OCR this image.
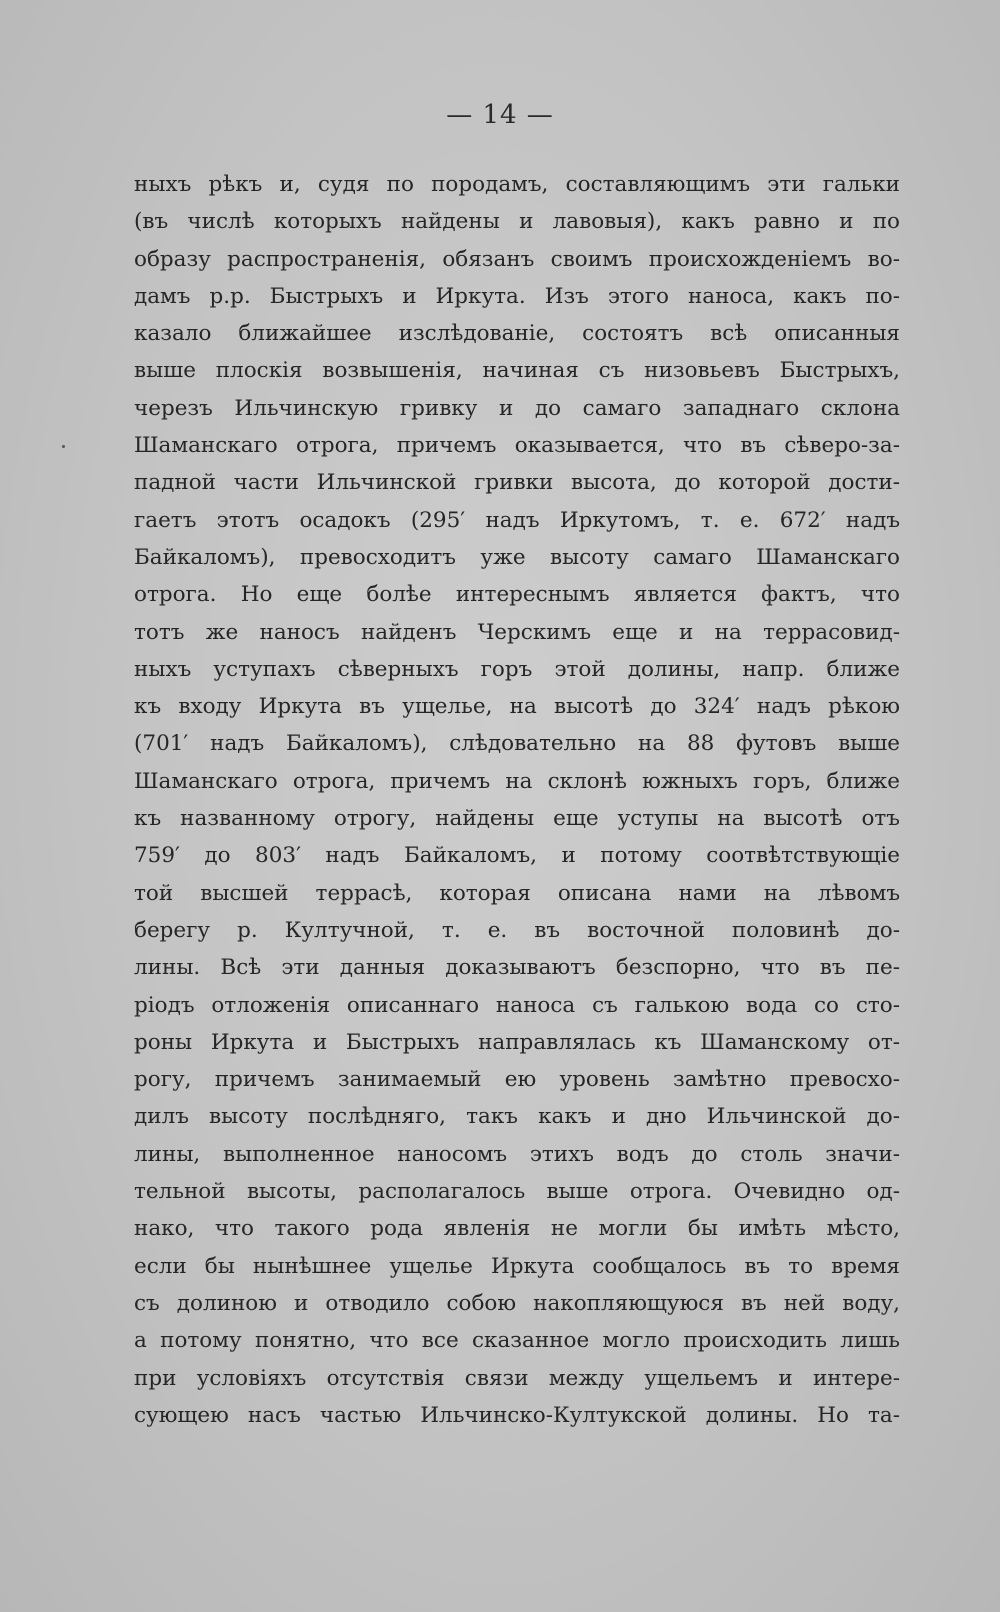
— 14 —
ныхъ рѣкъ и, судя по породамъ, составляющимъ эти гальки
(въ числѣ которыхъ найдены и лавовыя), какъ равно и по
образу распространенія, обязанъ своимъ происхожденіемъ во-
дамъ р.р. Быстрыхъ и Иркута. Изъ этого наноса, какъ по-
казало ближайшее изслѣдованіе, состоятъ всѣ описанныя
выше плоскія возвышенія, начиная съ низовьевъ Быстрыхъ,
черезъ Ильчинскую гривку и до самаго западнаго склона
Шаманскаго отрога, причемъ оказывается, что въ сѣверо-за-
падной части Ильчинской гривки высота, до которой дости-
гаетъ этотъ осадокъ (295′ надъ Иркутомъ, т. е. 672′ надъ
Байкаломъ), превосходитъ уже высоту самаго Шаманскаго
отрога. Но еще болѣе интереснымъ является фактъ, что
тотъ же наносъ найденъ Черскимъ еще и на террасовид-
ныхъ уступахъ сѣверныхъ горъ этой долины, напр. ближе
къ входу Иркута въ ущелье, на высотѣ до 324′ надъ рѣкою
(701′ надъ Байкаломъ), слѣдовательно на 88 футовъ выше
Шаманскаго отрога, причемъ на склонѣ южныхъ горъ, ближе
къ названному отрогу, найдены еще уступы на высотѣ отъ
759′ до 803′ надъ Байкаломъ, и потому соотвѣтствующіе
той высшей террасѣ, которая описана нами на лѣвомъ
берегу р. Култучной, т. е. въ восточной половинѣ до-
лины. Всѣ эти данныя доказываютъ безспорно, что въ пе-
ріодъ отложенія описаннаго наноса съ галькою вода со сто-
роны Иркута и Быстрыхъ направлялась къ Шаманскому от-
рогу, причемъ занимаемый ею уровень замѣтно превосхо-
дилъ высоту послѣдняго, такъ какъ и дно Ильчинской до-
лины, выполненное наносомъ этихъ водъ до столь значи-
тельной высоты, располагалось выше отрога. Очевидно од-
нако, что такого рода явленія не могли бы имѣть мѣсто,
если бы нынѣшнее ущелье Иркута сообщалось въ то время
съ долиною и отводило собою накопляющуюся въ ней воду,
а потому понятно, что все сказанное могло происходить лишь
при условіяхъ отсутствія связи между ущельемъ и интере-
сующею насъ частью Ильчинско-Култукской долины. Но та-
